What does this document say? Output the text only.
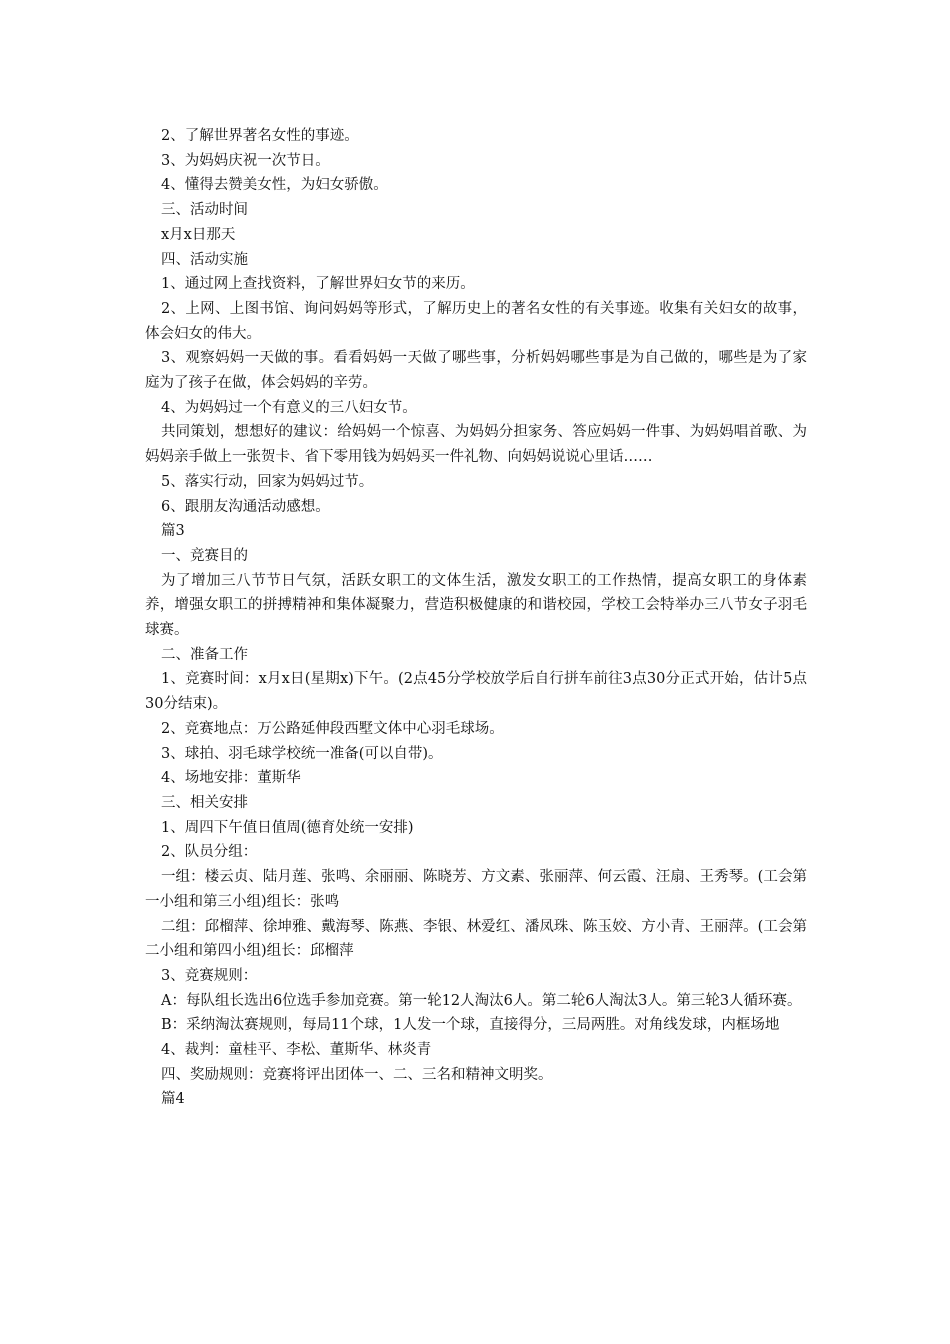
2、了解世界著名女性的事迹。

3、为妈妈庆祝一次节日。

4、懂得去赞美女性，为妇女骄傲。

三、活动时间

x月x日那天

四、活动实施

1、通过网上查找资料，了解世界妇女节的来历。

2、上网、上图书馆、询问妈妈等形式，了解历史上的著名女性的有关事迹。收集有关妇女的故事，体会妇女的伟大。

3、观察妈妈一天做的事。看看妈妈一天做了哪些事，分析妈妈哪些事是为自己做的，哪些是为了家庭为了孩子在做，体会妈妈的辛劳。

4、为妈妈过一个有意义的三八妇女节。

共同策划，想想好的建议：给妈妈一个惊喜、为妈妈分担家务、答应妈妈一件事、为妈妈唱首歌、为妈妈亲手做上一张贺卡、省下零用钱为妈妈买一件礼物、向妈妈说说心里话……

5、落实行动，回家为妈妈过节。

6、跟朋友沟通活动感想。

篇3

一、竞赛目的

为了增加三八节节日气氛，活跃女职工的文体生活，激发女职工的工作热情，提高女职工的身体素养，增强女职工的拼搏精神和集体凝聚力，营造积极健康的和谐校园，学校工会特举办三八节女子羽毛球赛。

二、准备工作

1、竞赛时间：x月x日(星期x)下午。(2点45分学校放学后自行拼车前往3点30分正式开始，估计5点30分结束)。

2、竞赛地点：万公路延伸段西墅文体中心羽毛球场。

3、球拍、羽毛球学校统一准备(可以自带)。

4、场地安排：董斯华

三、相关安排

1、周四下午值日值周(德育处统一安排)

2、队员分组：

一组：楼云贞、陆月莲、张鸣、余丽丽、陈晓芳、方文素、张丽萍、何云霞、汪扇、王秀琴。(工会第一小组和第三小组)组长：张鸣

二组：邱榴萍、徐坤雅、戴海琴、陈燕、李银、林爱红、潘凤珠、陈玉姣、方小青、王丽萍。(工会第二小组和第四小组)组长：邱榴萍

3、竞赛规则：

A：每队组长选出6位选手参加竞赛。第一轮12人淘汰6人。第二轮6人淘汰3人。第三轮3人循环赛。

B：采纳淘汰赛规则，每局11个球，1人发一个球，直接得分，三局两胜。对角线发球，内框场地

4、裁判：童桂平、李松、董斯华、林炎青

四、奖励规则：竞赛将评出团体一、二、三名和精神文明奖。

篇4
